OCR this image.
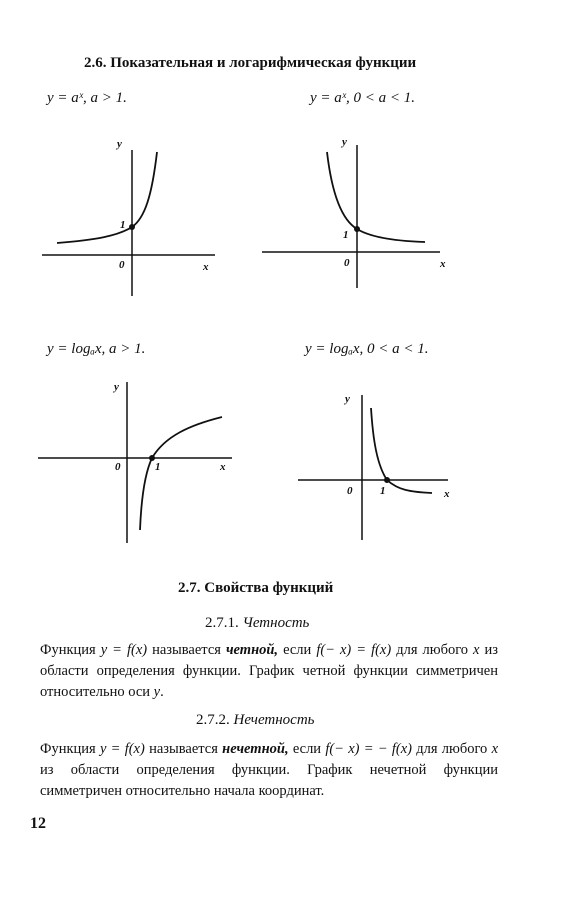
2.6. Показательная и логарифмическая функции
y = aˣ, a > 1.	y = aˣ, 0 < a < 1.
y = logₐx, a > 1.	y = logₐx, 0 < a < 1.
y
x
0
1
y
x
0
1
y
x
0	1
y
x
0	1
2.7. Свойства функций
2.7.1. Четность
Функция y = f(x) называется четной, если f(− x) = f(x) для любого x из области определения функции. График четной функции симметричен относительно оси y.
2.7.2. Нечетность
Функция y = f(x) называется нечетной, если f(− x) = − f(x) для любого x из области определения функции. График нечетной функции симметричен относительно начала координат.
12
